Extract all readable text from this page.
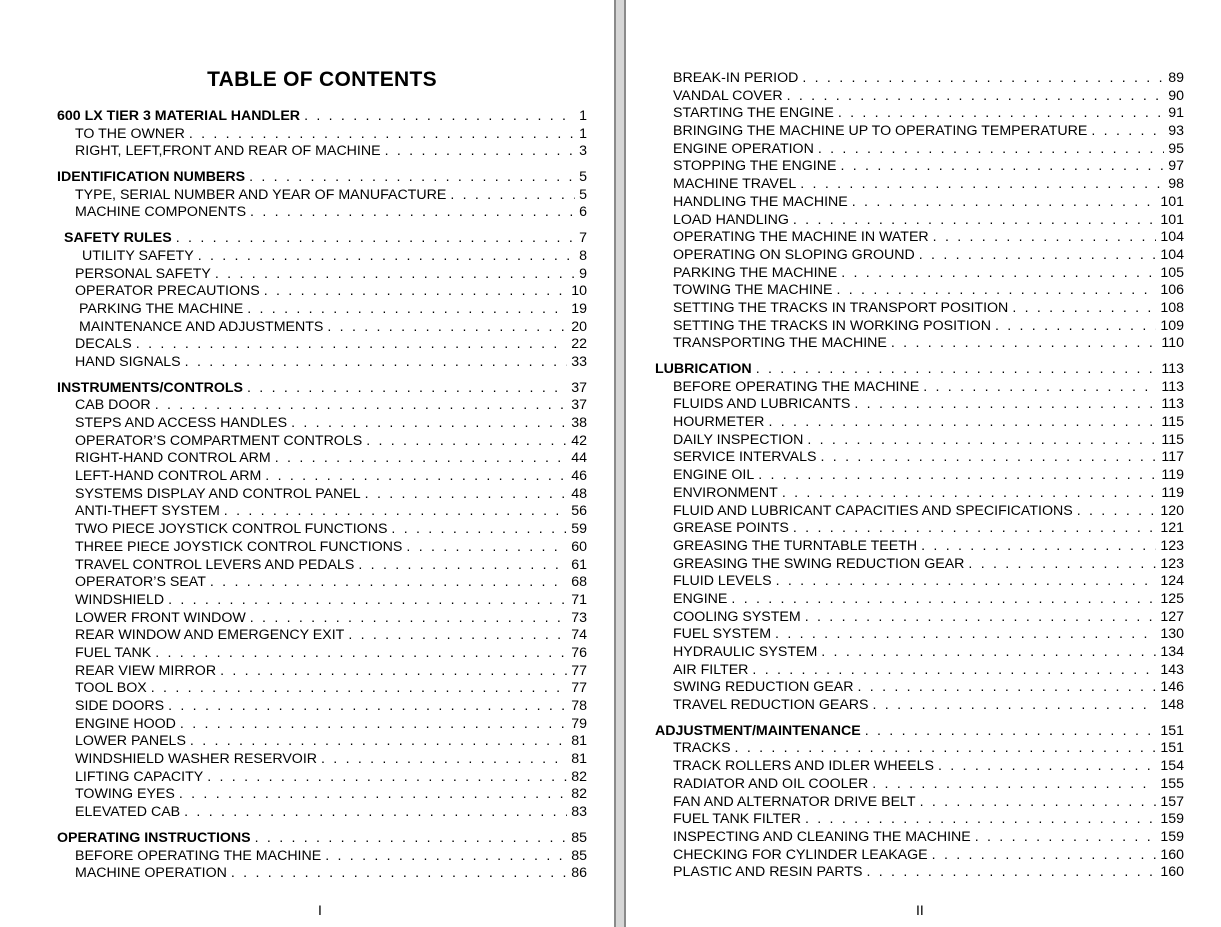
TABLE OF CONTENTS
600 LX TIER 3 MATERIAL HANDLER . . .	1
TO THE OWNER . . .	1
RIGHT, LEFT,FRONT AND REAR OF MACHINE . . .	3
IDENTIFICATION NUMBERS . . .	5
TYPE, SERIAL NUMBER AND YEAR OF MANUFACTURE . . .	5
MACHINE COMPONENTS . . .	6
SAFETY RULES . . .	7
UTILITY SAFETY . . .	8
PERSONAL SAFETY . . .	9
OPERATOR PRECAUTIONS . . .	10
PARKING THE MACHINE . . .	19
MAINTENANCE AND ADJUSTMENTS . . .	20
DECALS . . .	22
HAND SIGNALS . . .	33
INSTRUMENTS/CONTROLS . . .	37
CAB DOOR . . .	37
STEPS AND ACCESS HANDLES . . .	38
OPERATOR’S COMPARTMENT CONTROLS . . .	42
RIGHT-HAND CONTROL ARM . . .	44
LEFT-HAND CONTROL ARM . . .	46
SYSTEMS DISPLAY AND CONTROL PANEL . . .	48
ANTI-THEFT SYSTEM . . .	56
TWO PIECE JOYSTICK CONTROL FUNCTIONS . . .	59
THREE PIECE JOYSTICK CONTROL FUNCTIONS . . .	60
TRAVEL CONTROL LEVERS AND PEDALS . . .	61
OPERATOR’S SEAT . . .	68
WINDSHIELD . . .	71
LOWER FRONT WINDOW . . .	73
REAR WINDOW AND EMERGENCY EXIT . . .	74
FUEL TANK . . .	76
REAR VIEW MIRROR . . .	77
TOOL BOX . . .	77
SIDE DOORS . . .	78
ENGINE HOOD . . .	79
LOWER PANELS . . .	81
WINDSHIELD WASHER RESERVOIR . . .	81
LIFTING CAPACITY . . .	82
TOWING EYES . . .	82
ELEVATED CAB . . .	83
OPERATING INSTRUCTIONS . . .	85
BEFORE OPERATING THE MACHINE . . .	85
MACHINE OPERATION . . .	86
I
BREAK-IN PERIOD . . .	89
VANDAL COVER . . .	90
STARTING THE ENGINE . . .	91
BRINGING THE MACHINE UP TO OPERATING TEMPERATURE . . .	93
ENGINE OPERATION . . .	95
STOPPING THE ENGINE . . .	97
MACHINE TRAVEL . . .	98
HANDLING THE MACHINE . . .	101
LOAD HANDLING . . .	101
OPERATING THE MACHINE IN WATER . . .	104
OPERATING ON SLOPING GROUND . . .	104
PARKING THE MACHINE . . .	105
TOWING THE MACHINE . . .	106
SETTING THE TRACKS IN TRANSPORT POSITION . . .	108
SETTING THE TRACKS IN WORKING POSITION . . .	109
TRANSPORTING THE MACHINE . . .	110
LUBRICATION . . .	113
BEFORE OPERATING THE MACHINE . . .	113
FLUIDS AND LUBRICANTS . . .	113
HOURMETER . . .	115
DAILY INSPECTION . . .	115
SERVICE INTERVALS . . .	117
ENGINE OIL . . .	119
ENVIRONMENT . . .	119
FLUID AND LUBRICANT CAPACITIES AND SPECIFICATIONS . . .	120
GREASE POINTS . . .	121
GREASING THE TURNTABLE TEETH . . .	123
GREASING THE SWING REDUCTION GEAR . . .	123
FLUID LEVELS . . .	124
ENGINE . . .	125
COOLING SYSTEM . . .	127
FUEL SYSTEM . . .	130
HYDRAULIC SYSTEM . . .	134
AIR FILTER . . .	143
SWING REDUCTION GEAR . . .	146
TRAVEL REDUCTION GEARS . . .	148
ADJUSTMENT/MAINTENANCE . . .	151
TRACKS . . .	151
TRACK ROLLERS AND IDLER WHEELS . . .	154
RADIATOR AND OIL COOLER . . .	155
FAN AND ALTERNATOR DRIVE BELT . . .	157
FUEL TANK FILTER . . .	159
INSPECTING AND CLEANING THE MACHINE . . .	159
CHECKING FOR CYLINDER LEAKAGE . . .	160
PLASTIC AND RESIN PARTS . . .	160
II
